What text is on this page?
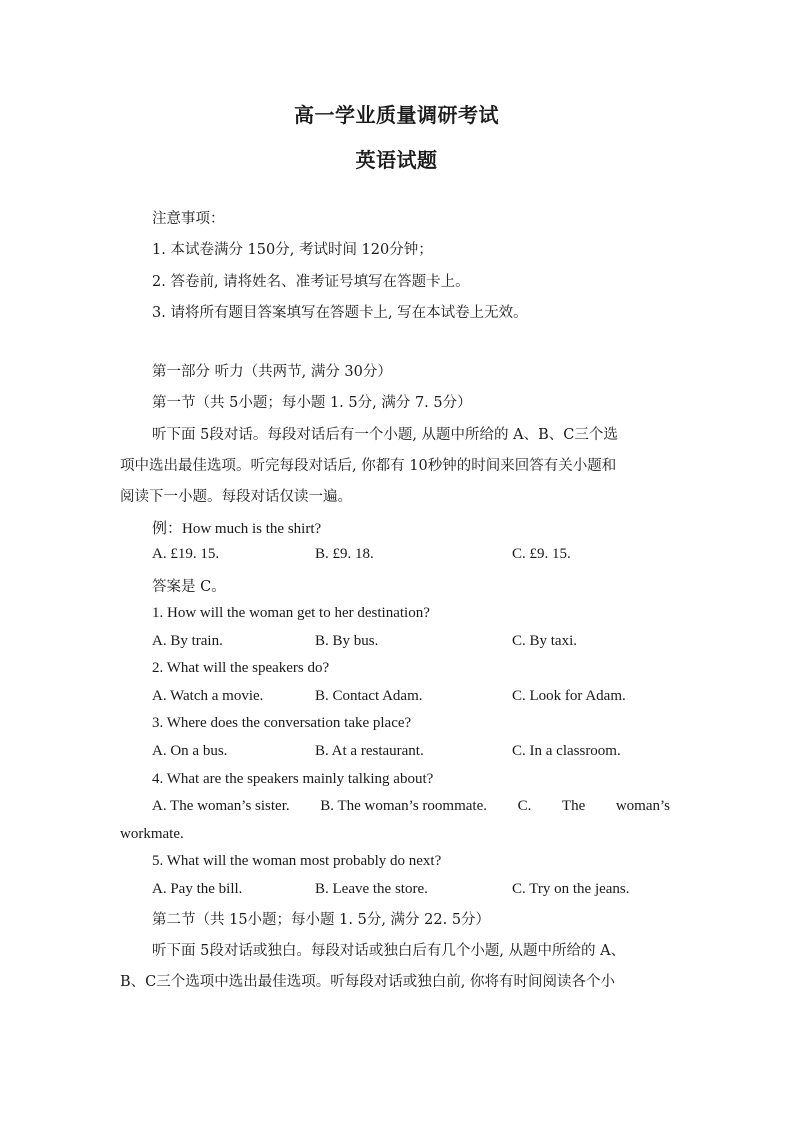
高一学业质量调研考试
英语试题
注意事项：
1. 本试卷满分 150分, 考试时间 120分钟；
2. 答卷前, 请将姓名、准考证号填写在答题卡上。
3. 请将所有题目答案填写在答题卡上, 写在本试卷上无效。
第一部分 听力（共两节, 满分 30分）
第一节（共 5小题；每小题 1. 5分, 满分 7. 5分）
听下面 5段对话。每段对话后有一个小题, 从题中所给的 A、B、C三个选
项中选出最佳选项。听完每段对话后, 你都有 10秒钟的时间来回答有关小题和
阅读下一小题。每段对话仅读一遍。
例：How much is the shirt?
A. £19. 15.	B. £9. 18.	C. £9. 15.
答案是 C。
1. How will the woman get to her destination?
A. By train.	B. By bus.	C. By taxi.
2. What will the speakers do?
A. Watch a movie.	B. Contact Adam.	C. Look for Adam.
3. Where does the conversation take place?
A. On a bus.	B. At a restaurant.	C. In a classroom.
4. What are the speakers mainly talking about?
A. The woman’s sister. B. The woman’s roommate. C. The woman’s
workmate.
5. What will the woman most probably do next?
A. Pay the bill.	B. Leave the store.	C. Try on the jeans.
第二节（共 15小题；每小题 1. 5分, 满分 22. 5分）
听下面 5段对话或独白。每段对话或独白后有几个小题, 从题中所给的 A、
B、C三个选项中选出最佳选项。听每段对话或独白前, 你将有时间阅读各个小
